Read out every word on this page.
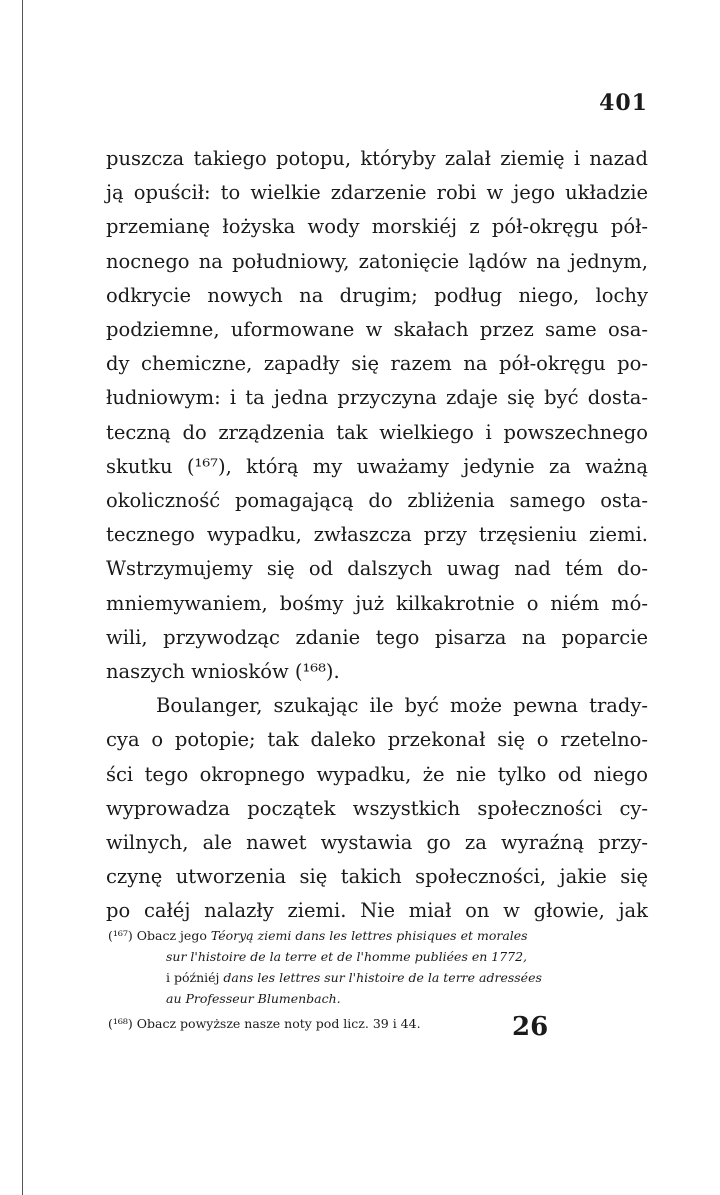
401
puszcza takiego potopu, któryby zalał ziemię i nazad
ją opuścił: to wielkie zdarzenie robi w jego układzie
przemianę łożyska wody morskiéj z pół-okręgu pół-
nocnego na południowy, zatonięcie lądów na jednym,
odkrycie nowych na drugim; podług niego, lochy
podziemne, uformowane w skałach przez same osa-
dy chemiczne, zapadły się razem na pół-okręgu po-
łudniowym: i ta jedna przyczyna zdaje się być dosta-
teczną do zrządzenia tak wielkiego i powszechnego
skutku (¹⁶⁷), którą my uważamy jedynie za ważną
okoliczność pomagającą do zbliżenia samego osta-
tecznego wypadku, zwłaszcza przy trzęsieniu ziemi.
Wstrzymujemy się od dalszych uwag nad tém do-
mniemywaniem, bośmy już kilkakrotnie o niém mó-
wili, przywodząc zdanie tego pisarza na poparcie
naszych wniosków (¹⁶⁸).
Boulanger, szukając ile być może pewna trady-
cya o potopie; tak daleko przekonał się o rzetelno-
ści tego okropnego wypadku, że nie tylko od niego
wyprowadza początek wszystkich społeczności cy-
wilnych, ale nawet wystawia go za wyraźną przy-
czynę utworzenia się takich społeczności, jakie się
po całéj nalazły ziemi. Nie miał on w głowie, jak
(¹⁶⁷) Obacz jego Téoryą ziemi dans les lettres phisiques et morales
sur l'histoire de la terre et de l'homme publiées en 1772,
i późniéj dans les lettres sur l'histoire de la terre adressées
au Professeur Blumenbach.
(¹⁶⁸) Obacz powyższe nasze noty pod licz. 39 i 44.	26
